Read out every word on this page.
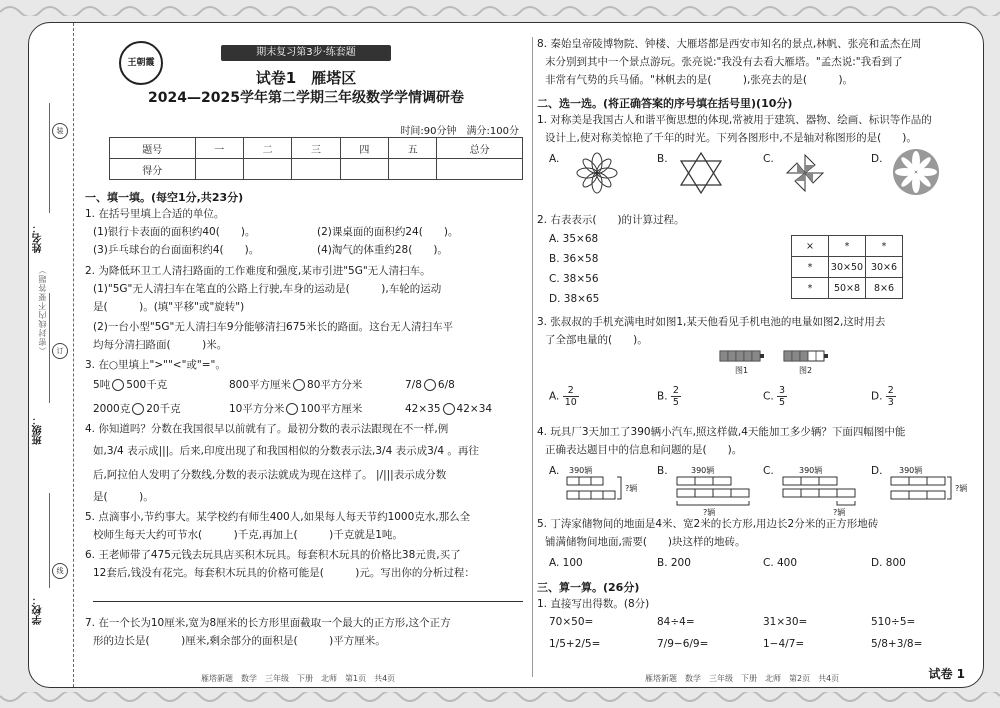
姓名：
（密封线内不要答题）
班级：
学校：
装
订
线
王朝霞
期末复习第3步·练套题
试卷1　雁塔区
2024—2025学年第二学期三年级数学学情调研卷
时间:90分钟　满分:100分
题号	一	二	三	四	五	总分
得分						
一、填一填。(每空1分,共23分)
1. 在括号里填上合适的单位。
(1)银行卡表面的面积约40(　　)。	(2)课桌面的面积约24(　　)。
(3)乒乓球台的台面面积约4(　　)。	(4)淘气的体重约28(　　)。
2. 为降低环卫工人清扫路面的工作难度和强度,某市引进"5G"无人清扫车。
(1)"5G"无人清扫车在笔直的公路上行驶,车身的运动是(　　　),车轮的运动
是(　　　)。(填"平移"或"旋转")
(2)一台小型"5G"无人清扫车9分能够清扫675米长的路面。这台无人清扫车平
均每分清扫路面(　　　)米。
3. 在○里填上">""<"或"="。
5吨 500千克	800平方厘米 80平方分米	7/8 6/8
2000克 20千克	10平方分米 100平方厘米	42×35 42×34
4. 你知道吗？分数在我国很早以前就有了。最初分数的表示法跟现在不一样,例
如,3/4 表示成|||。后来,印度出现了和我国相似的分数表示法,3/4 表示成3/4 。再往
后,阿拉伯人发明了分数线,分数的表示法就成为现在这样了。 |/|||表示成分数
是(　　　)。
5. 点滴事小,节约事大。某学校约有师生400人,如果每人每天节约1000克水,那么全
校师生每天大约可节水(　　　)千克,再加上(　　　)千克就是1吨。
6. 王老师带了475元钱去玩具店买积木玩具。每套积木玩具的价格比38元贵,买了
12套后,钱没有花完。每套积木玩具的价格可能是(　　　)元。写出你的分析过程：
7. 在一个长为10厘米,宽为8厘米的长方形里面截取一个最大的正方形,这个正方
形的边长是(　　　)厘米,剩余部分的面积是(　　　)平方厘米。
雁塔新题　数学　三年级　下册　北师　第1页　共4页
8. 秦始皇帝陵博物院、钟楼、大雁塔都是西安市知名的景点,林帆、张亮和孟杰在周
末分别到其中一个景点游玩。张亮说:"我没有去看大雁塔。"孟杰说:"我看到了
非常有气势的兵马俑。"林帆去的是(　　　),张亮去的是(　　　)。
二、选一选。(将正确答案的序号填在括号里)(10分)
1. 对称美是我国古人和谐平衡思想的体现,常被用于建筑、器物、绘画、标识等作品的
设计上,使对称美惊艳了千年的时光。下列各图形中,不是轴对称图形的是(　　)。
A.	B.	C.	D.
2. 右表表示(　　)的计算过程。
A. 35×68
B. 36×58
C. 38×56
D. 38×65
×	*	*
*	30×50	30×6
*	50×8	8×6
3. 张叔叔的手机充满电时如图1,某天他看见手机电池的电量如图2,这时用去
了全部电量的(　　)。
图1	图2
A. $\frac{2}{10}$	B. $\frac{2}{5}$	C. $\frac{3}{5}$	D. $\frac{2}{3}$
4. 玩具厂3天加工了390辆小汽车,照这样做,4天能加工多少辆？下面四幅图中能
正确表达题目中的信息和问题的是(　　)。
A. 390辆
?辆
B.	390辆
?辆
C.	390辆
?辆
D. 390辆
?辆
5. 丁涛家储物间的地面是4米、宽2米的长方形,用边长2分米的正方形地砖
铺满储物间地面,需要(　　)块这样的地砖。
A. 100	B. 200	C. 400	D. 800
三、算一算。(26分)
1. 直接写出得数。(8分)
70×50=	84÷4=	31×30=	510÷5=
1/5+2/5=	7/9−6/9=	1−4/7=	5/8+3/8=
雁塔新题　数学　三年级　下册　北师　第2页　共4页	试卷 1
